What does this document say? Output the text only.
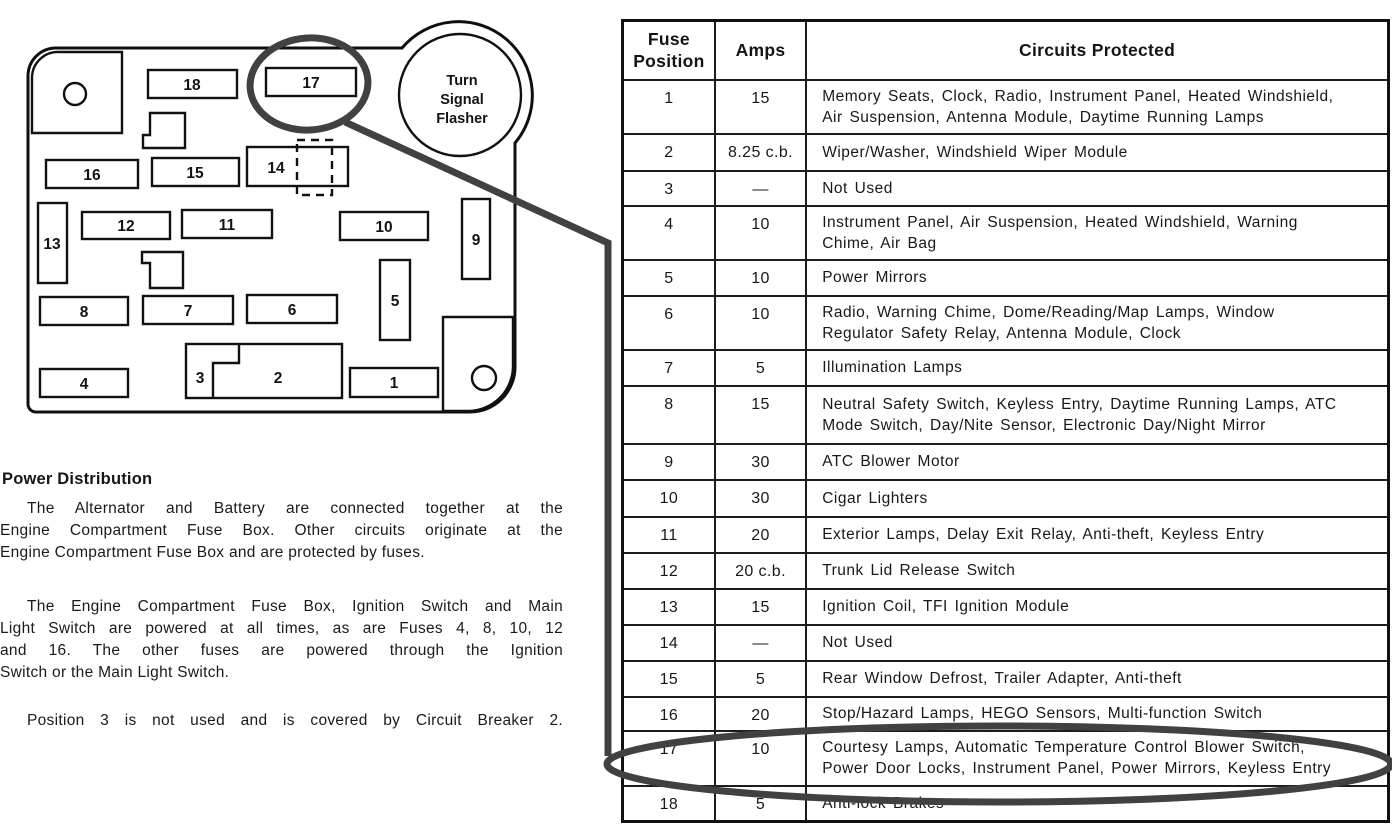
Turn
Signal
Flasher
18	17
16	15	14
13
12	11	10
9
8	7	6
5
4	3	2	1
Power Distribution
The Alternator and Battery are connected together at the
Engine Compartment Fuse Box. Other circuits originate at the
Engine Compartment Fuse Box and are protected by fuses.
The Engine Compartment Fuse Box, Ignition Switch and Main
Light Switch are powered at all times, as are Fuses 4, 8, 10, 12
and 16. The other fuses are powered through the Ignition
Switch or the Main Light Switch.
Position 3 is not used and is covered by Circuit Breaker 2.
Fuse Position	Amps	Circuits Protected
1	15	Memory Seats, Clock, Radio, Instrument Panel, Heated Windshield, Air Suspension, Antenna Module, Daytime Running Lamps
2	8.25 c.b.	Wiper/Washer, Windshield Wiper Module
3	—	Not Used
4	10	Instrument Panel, Air Suspension, Heated Windshield, Warning Chime, Air Bag
5	10	Power Mirrors
6	10	Radio, Warning Chime, Dome/Reading/Map Lamps, Window Regulator Safety Relay, Antenna Module, Clock
7	5	Illumination Lamps
8	15	Neutral Safety Switch, Keyless Entry, Daytime Running Lamps, ATC Mode Switch, Day/Nite Sensor, Electronic Day/Night Mirror
9	30	ATC Blower Motor
10	30	Cigar Lighters
11	20	Exterior Lamps, Delay Exit Relay, Anti-theft, Keyless Entry
12	20 c.b.	Trunk Lid Release Switch
13	15	Ignition Coil, TFI Ignition Module
14	—	Not Used
15	5	Rear Window Defrost, Trailer Adapter, Anti-theft
16	20	Stop/Hazard Lamps, HEGO Sensors, Multi-function Switch
17	10	Courtesy Lamps, Automatic Temperature Control Blower Switch, Power Door Locks, Instrument Panel, Power Mirrors, Keyless Entry
18	5	Anti-lock Brakes
